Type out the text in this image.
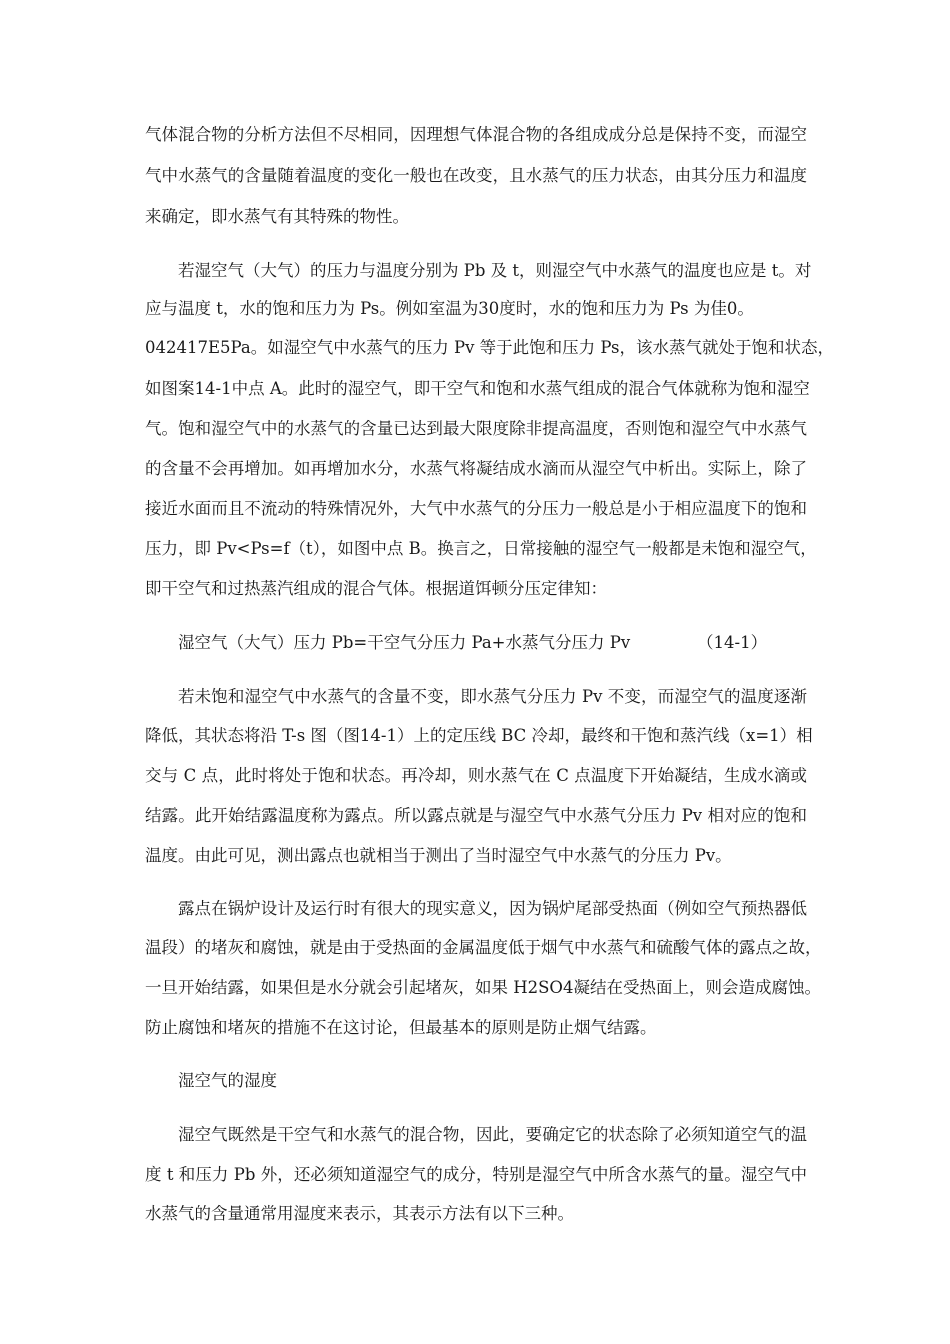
气体混合物的分析方法但不尽相同，因理想气体混合物的各组成成分总是保持不变，而湿空
气中水蒸气的含量随着温度的变化一般也在改变，且水蒸气的压力状态，由其分压力和温度
来确定，即水蒸气有其特殊的物性。
若湿空气（大气）的压力与温度分别为 Pb 及 t，则湿空气中水蒸气的温度也应是 t。对
应与温度 t，水的饱和压力为 Ps。例如室温为30度时，水的饱和压力为 Ps 为佳0。
042417E5Pa。如湿空气中水蒸气的压力 Pv 等于此饱和压力 Ps，该水蒸气就处于饱和状态，
如图案14-1中点 A。此时的湿空气，即干空气和饱和水蒸气组成的混合气体就称为饱和湿空
气。饱和湿空气中的水蒸气的含量已达到最大限度除非提高温度，否则饱和湿空气中水蒸气
的含量不会再增加。如再增加水分，水蒸气将凝结成水滴而从湿空气中析出。实际上，除了
接近水面而且不流动的特殊情况外，大气中水蒸气的分压力一般总是小于相应温度下的饱和
压力，即 Pv<Ps=f（t），如图中点 B。换言之，日常接触的湿空气一般都是未饱和湿空气，
即干空气和过热蒸汽组成的混合气体。根据道饵顿分压定律知：
湿空气（大气）压力 Pb=干空气分压力 Pa+水蒸气分压力 Pv	（14-1）
若未饱和湿空气中水蒸气的含量不变，即水蒸气分压力 Pv 不变，而湿空气的温度逐渐
降低，其状态将沿 T-s 图（图14-1）上的定压线 BC 冷却，最终和干饱和蒸汽线（x=1）相
交与 C 点，此时将处于饱和状态。再冷却，则水蒸气在 C 点温度下开始凝结，生成水滴或
结露。此开始结露温度称为露点。所以露点就是与湿空气中水蒸气分压力 Pv 相对应的饱和
温度。由此可见，测出露点也就相当于测出了当时湿空气中水蒸气的分压力 Pv。
露点在锅炉设计及运行时有很大的现实意义，因为锅炉尾部受热面（例如空气预热器低
温段）的堵灰和腐蚀，就是由于受热面的金属温度低于烟气中水蒸气和硫酸气体的露点之故，
一旦开始结露，如果但是水分就会引起堵灰，如果 H2SO4凝结在受热面上，则会造成腐蚀。
防止腐蚀和堵灰的措施不在这讨论，但最基本的原则是防止烟气结露。
湿空气的湿度
湿空气既然是干空气和水蒸气的混合物，因此，要确定它的状态除了必须知道空气的温
度 t 和压力 Pb 外，还必须知道湿空气的成分，特别是湿空气中所含水蒸气的量。湿空气中
水蒸气的含量通常用湿度来表示，其表示方法有以下三种。
